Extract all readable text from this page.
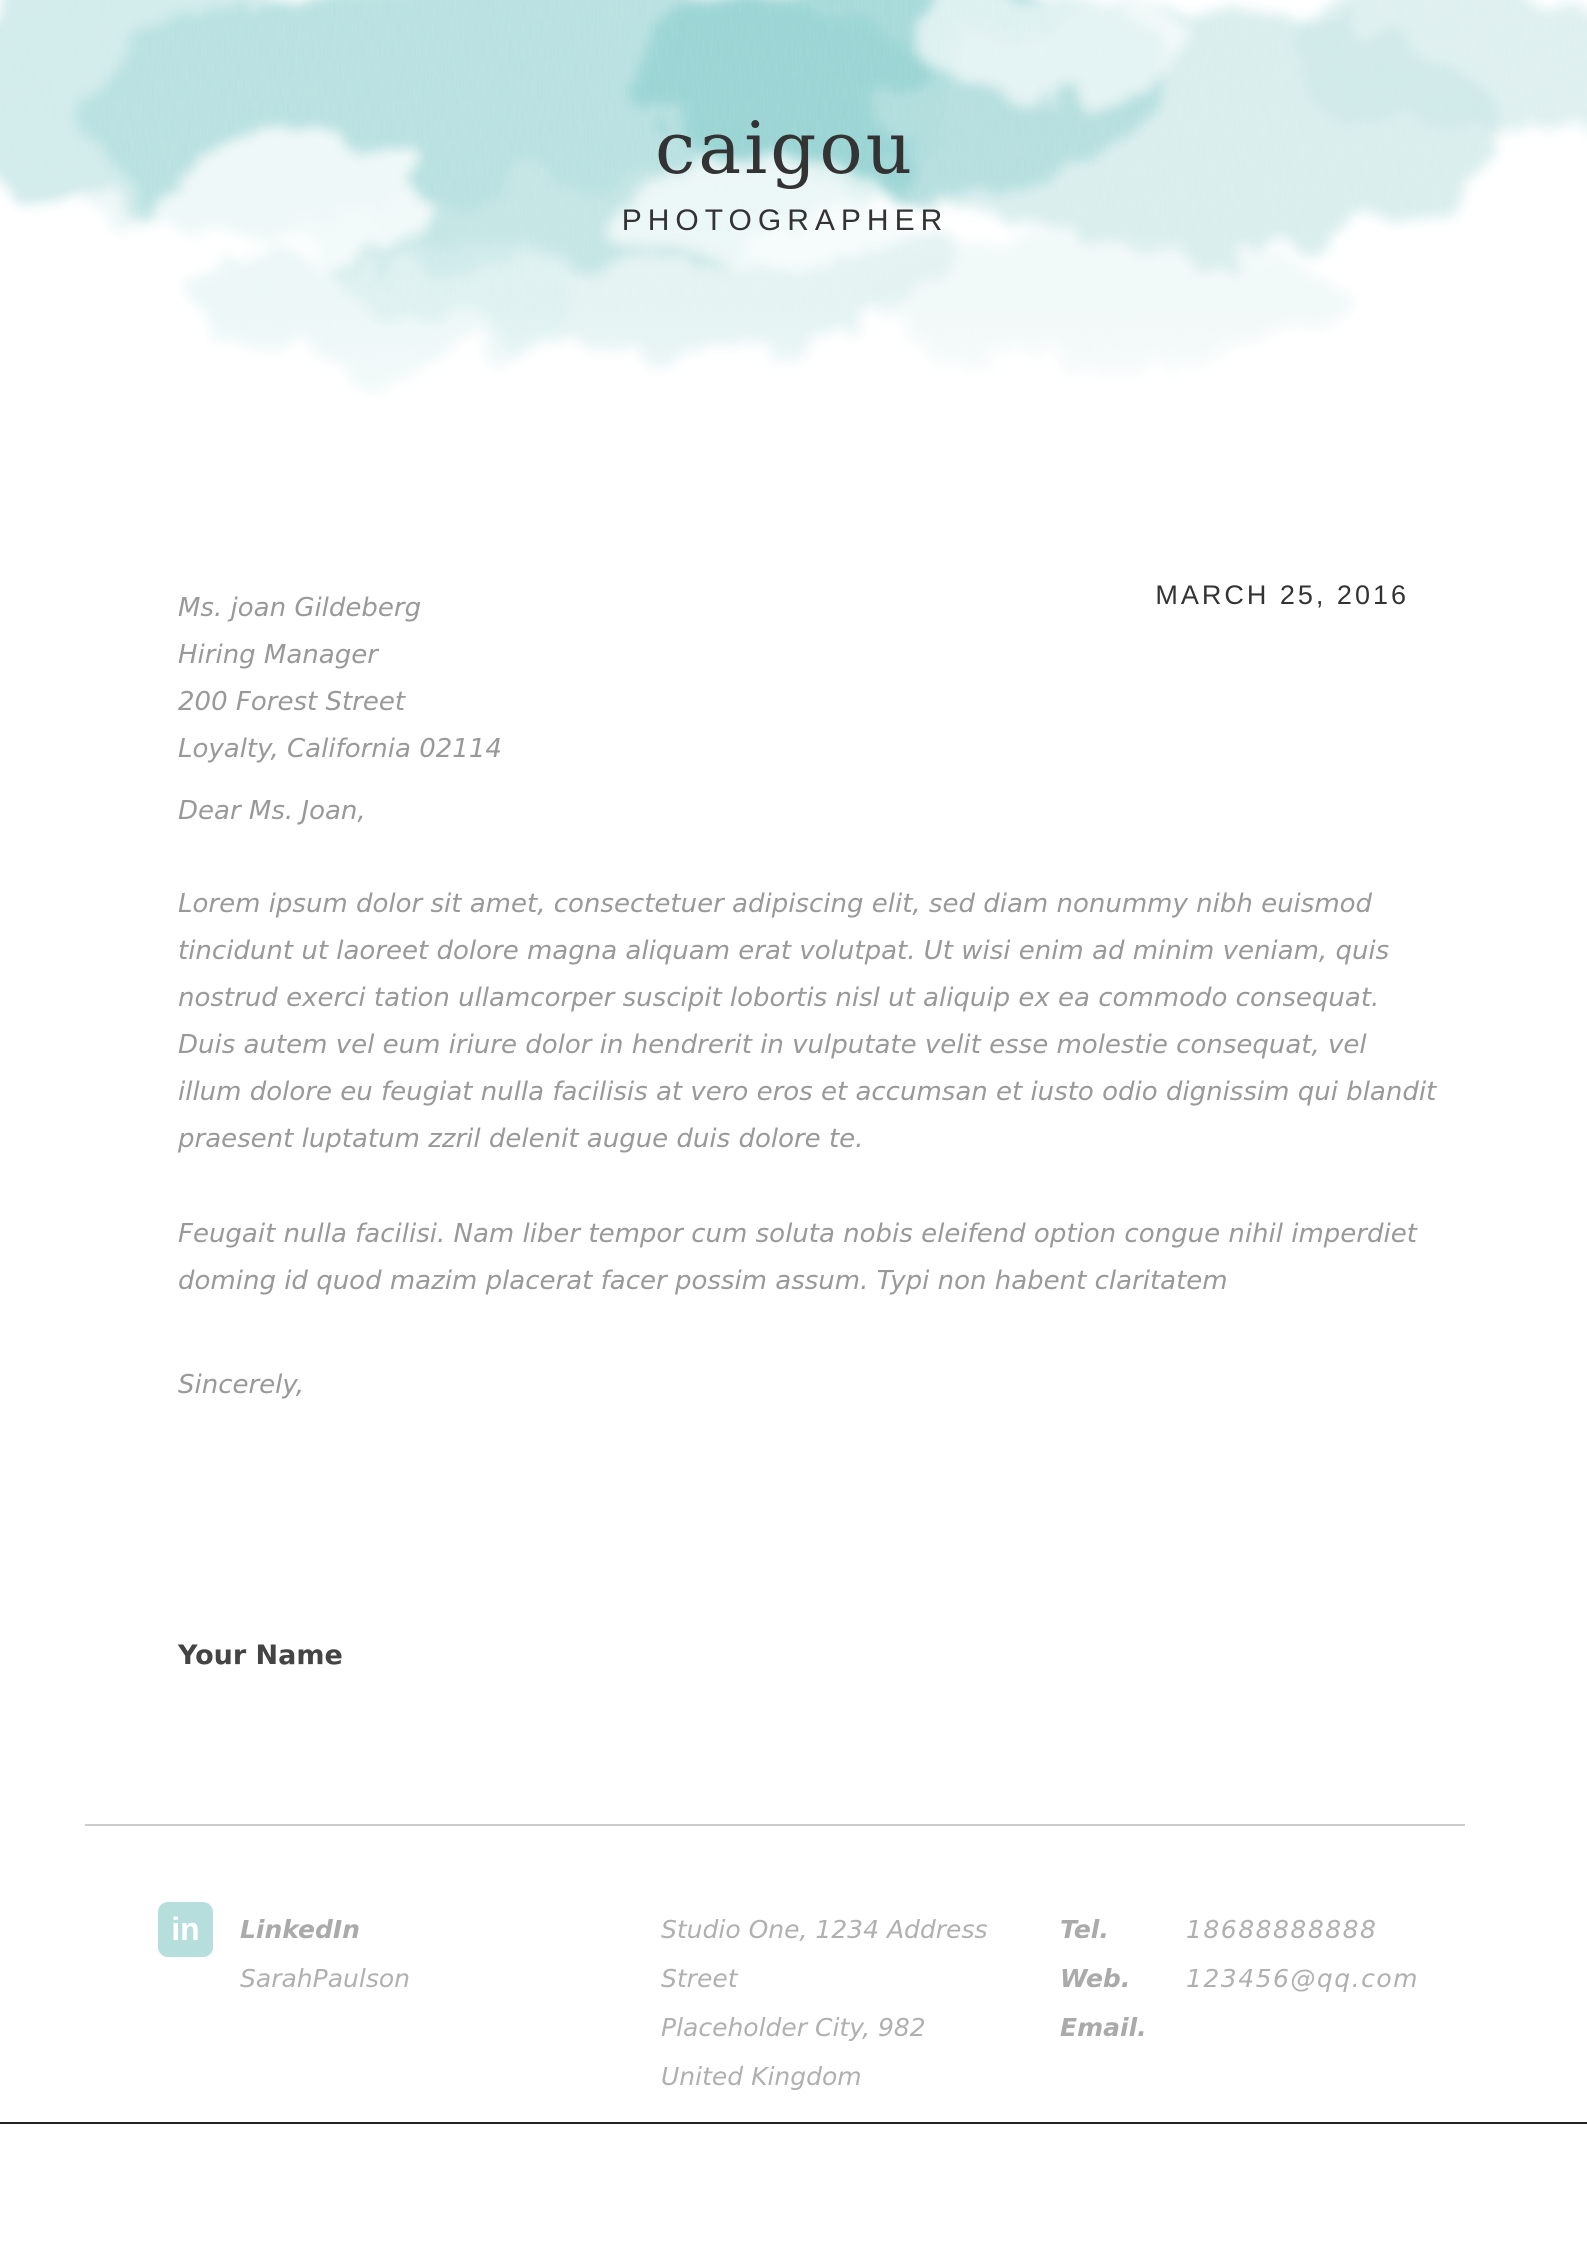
caigou
PHOTOGRAPHER
MARCH 25, 2016
Ms. joan Gildeberg
Hiring Manager
200 Forest Street
Loyalty, California 02114
Dear Ms. Joan,
Lorem ipsum dolor sit amet, consectetuer adipiscing elit, sed diam nonummy nibh euismod tincidunt ut laoreet dolore magna aliquam erat volutpat. Ut wisi enim ad minim veniam, quis nostrud exerci tation ullamcorper suscipit lobortis nisl ut aliquip ex ea commodo consequat. Duis autem vel eum iriure dolor in hendrerit in vulputate velit esse molestie consequat, vel illum dolore eu feugiat nulla facilisis at vero eros et accumsan et iusto odio dignissim qui blandit praesent luptatum zzril delenit augue duis dolore te.
Feugait nulla facilisi. Nam liber tempor cum soluta nobis eleifend option congue nihil imperdiet doming id quod mazim placerat facer possim assum. Typi non habent claritatem
Sincerely,
Your Name
in	LinkedIn
SarahPaulson
Studio One, 1234 Address
Street
Placeholder City, 982
United Kingdom
Tel.
Web.
Email.
18688888888
123456@qq.com
